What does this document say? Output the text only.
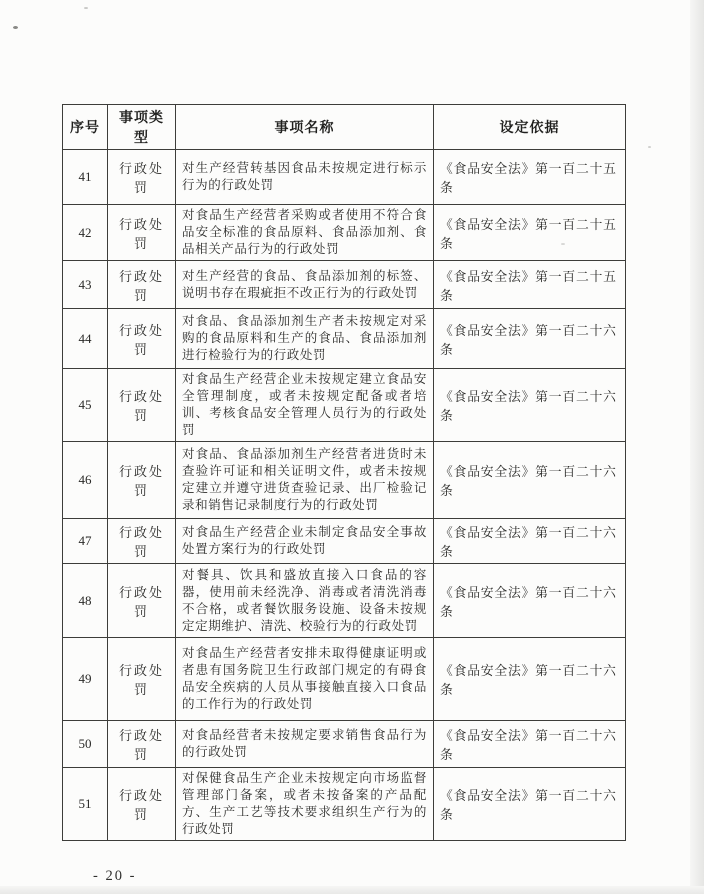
序号	事项类型	事项名称	设定依据
41	行政处罚	对生产经营转基因食品未按规定进行标示行为的行政处罚	《食品安全法》第一百二十五条
42	行政处罚	对食品生产经营者采购或者使用不符合食品安全标准的食品原料、食品添加剂、食品相关产品行为的行政处罚	《食品安全法》第一百二十五条
43	行政处罚	对生产经营的食品、食品添加剂的标签、说明书存在瑕疵拒不改正行为的行政处罚	《食品安全法》第一百二十五条
44	行政处罚	对食品、食品添加剂生产者未按规定对采购的食品原料和生产的食品、食品添加剂进行检验行为的行政处罚	《食品安全法》第一百二十六条
45	行政处罚	对食品生产经营企业未按规定建立食品安全管理制度，或者未按规定配备或者培训、考核食品安全管理人员行为的行政处罚	《食品安全法》第一百二十六条
46	行政处罚	对食品、食品添加剂生产经营者进货时未查验许可证和相关证明文件，或者未按规定建立并遵守进货查验记录、出厂检验记录和销售记录制度行为的行政处罚	《食品安全法》第一百二十六条
47	行政处罚	对食品生产经营企业未制定食品安全事故处置方案行为的行政处罚	《食品安全法》第一百二十六条
48	行政处罚	对餐具、饮具和盛放直接入口食品的容器，使用前未经洗净、消毒或者清洗消毒不合格，或者餐饮服务设施、设备未按规定定期维护、清洗、校验行为的行政处罚	《食品安全法》第一百二十六条
49	行政处罚	对食品生产经营者安排未取得健康证明或者患有国务院卫生行政部门规定的有碍食品安全疾病的人员从事接触直接入口食品的工作行为的行政处罚	《食品安全法》第一百二十六条
50	行政处罚	对食品经营者未按规定要求销售食品行为的行政处罚	《食品安全法》第一百二十六条
51	行政处罚	对保健食品生产企业未按规定向市场监督管理部门备案，或者未按备案的产品配方、生产工艺等技术要求组织生产行为的行政处罚	《食品安全法》第一百二十六条
- 20 -
